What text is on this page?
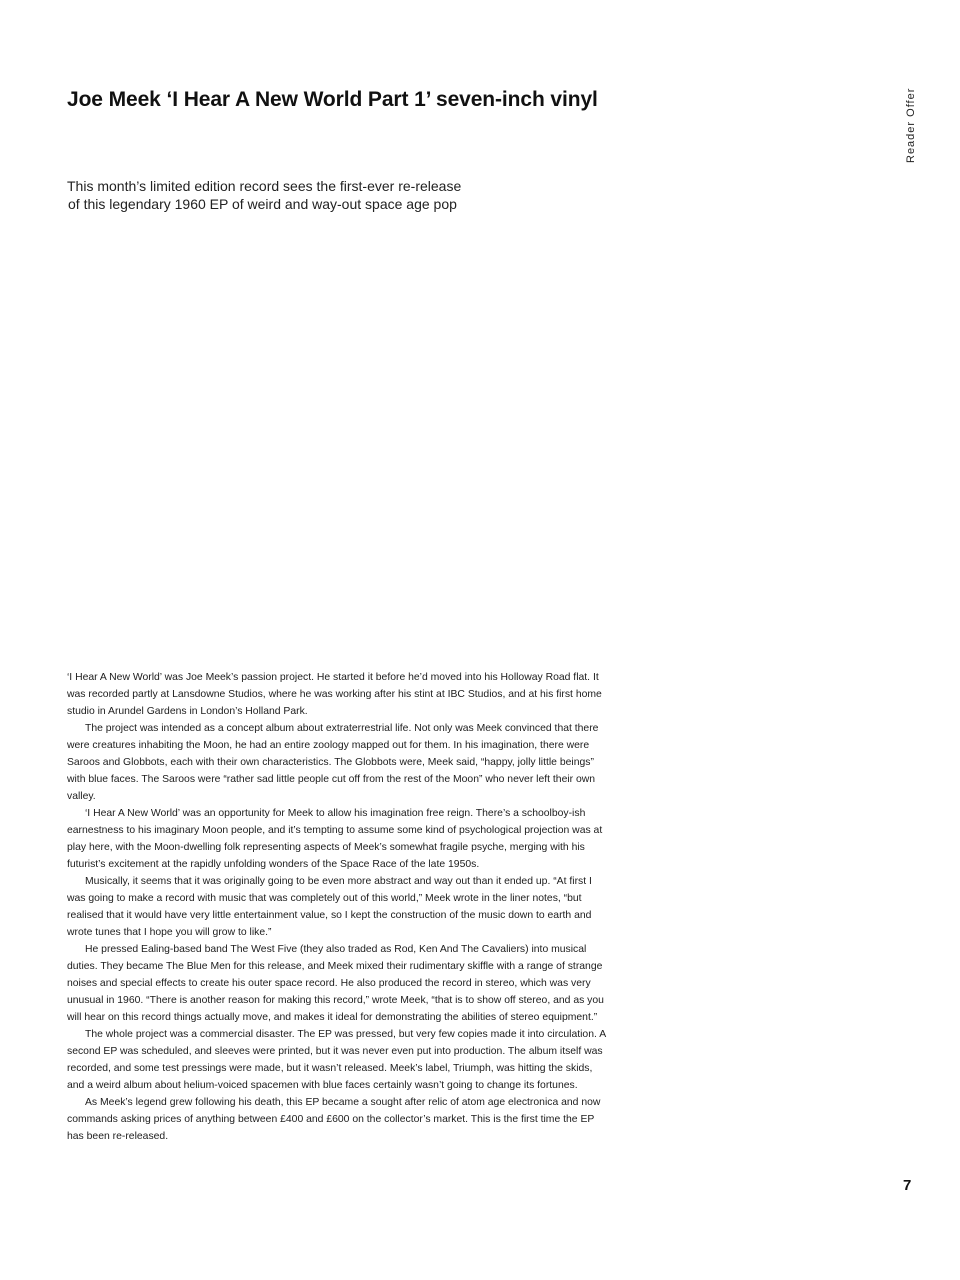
Joe Meek ‘I Hear A New World Part 1’ seven-inch vinyl	Reader Offer
This month’s limited edition record sees the first-ever re-release
of this legendary 1960 EP of weird and way-out space age pop

‘I Hear A New World’ was Joe Meek’s passion project. He started it before he’d moved into his Holloway Road flat. It was recorded partly at Lansdowne Studios, where he was working after his stint at IBC Studios, and at his first home studio in Arundel Gardens in London’s Holland Park.

The project was intended as a concept album about extraterrestrial life. Not only was Meek convinced that there were creatures inhabiting the Moon, he had an entire zoology mapped out for them. In his imagination, there were Saroos and Globbots, each with their own characteristics. The Globbots were, Meek said, “happy, jolly little beings” with blue faces. The Saroos were “rather sad little people cut off from the rest of the Moon” who never left their own valley.

‘I Hear A New World’ was an opportunity for Meek to allow his imagination free reign. There’s a schoolboy-ish earnestness to his imaginary Moon people, and it’s tempting to assume some kind of psychological projection was at play here, with the Moon-dwelling folk representing aspects of Meek’s somewhat fragile psyche, merging with his futurist’s excitement at the rapidly unfolding wonders of the Space Race of the late 1950s.

Musically, it seems that it was originally going to be even more abstract and way out than it ended up. “At first I was going to make a record with music that was completely out of this world,” Meek wrote in the liner notes, “but realised that it would have very little entertainment value, so I kept the construction of the music down to earth and wrote tunes that I hope you will grow to like.”

He pressed Ealing-based band The West Five (they also traded as Rod, Ken And The Cavaliers) into musical duties. They became The Blue Men for this release, and Meek mixed their rudimentary skiffle with a range of strange noises and special effects to create his outer space record. He also produced the record in stereo, which was very unusual in 1960. “There is another reason for making this record,” wrote Meek, “that is to show off stereo, and as you will hear on this record things actually move, and makes it ideal for demonstrating the abilities of stereo equipment.”

The whole project was a commercial disaster. The EP was pressed, but very few copies made it into circulation. A second EP was scheduled, and sleeves were printed, but it was never even put into production. The album itself was recorded, and some test pressings were made, but it wasn’t released. Meek’s label, Triumph, was hitting the skids, and a weird album about helium-voiced spacemen with blue faces certainly wasn’t going to change its fortunes.

As Meek’s legend grew following his death, this EP became a sought after relic of atom age electronica and now commands asking prices of anything between £400 and £600 on the collector’s market. This is the first time the EP has been re-released.

7
